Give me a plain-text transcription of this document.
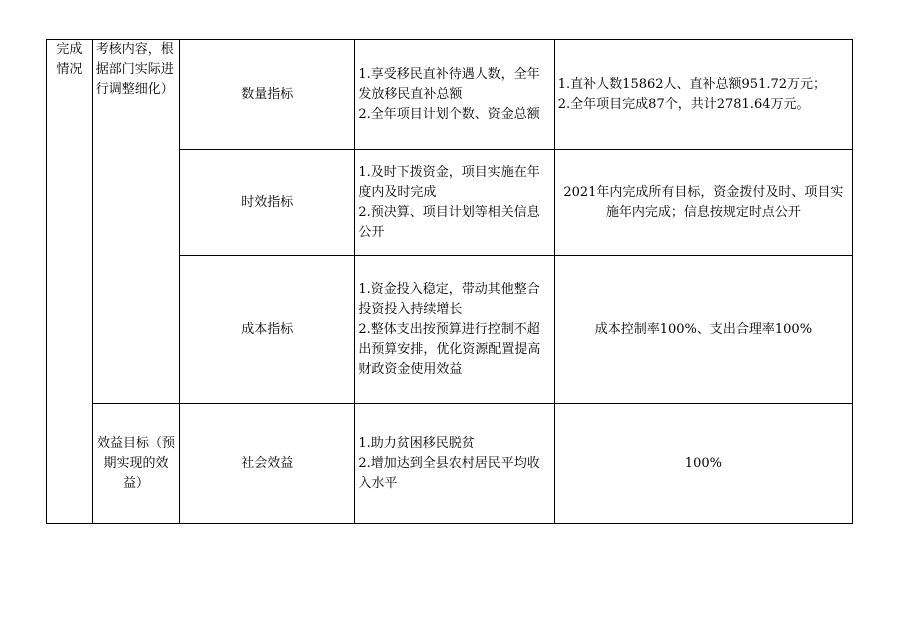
完成情况	考核内容，根据部门实际进行调整细化）	数量指标	1.享受移民直补待遇人数，全年发放移民直补总额
2.全年项目计划个数、资金总额	1.直补人数15862人、直补总额951.72万元；
2.全年项目完成87个，共计2781.64万元。

		时效指标	1.及时下拨资金，项目实施在年度内及时完成
2.预决算、项目计划等相关信息公开	2021年内完成所有目标，资金拨付及时、项目实施年内完成；信息按规定时点公开

		成本指标	1.资金投入稳定，带动其他整合投资投入持续增长
2.整体支出按预算进行控制不超出预算安排，优化资源配置提高财政资金使用效益	成本控制率100%、支出合理率100%

	效益目标（预期实现的效益）	社会效益	1.助力贫困移民脱贫
2.增加达到全县农村居民平均收入水平	100%
